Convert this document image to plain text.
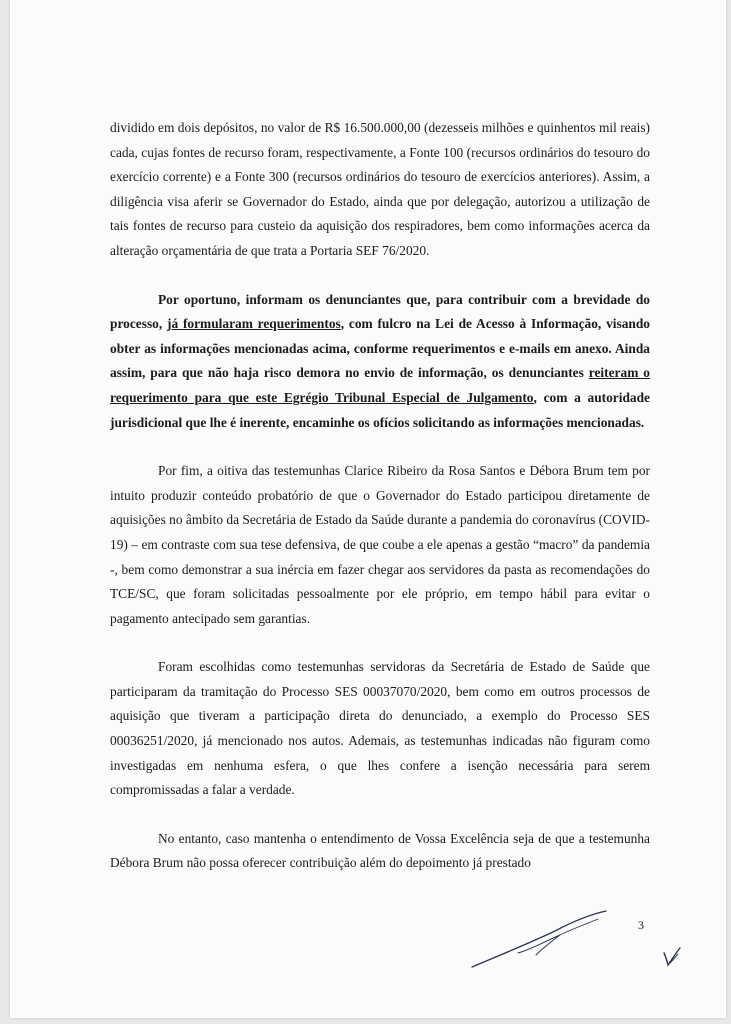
dividido em dois depósitos, no valor de R$ 16.500.000,00 (dezesseis milhões e quinhentos mil reais) cada, cujas fontes de recurso foram, respectivamente, a Fonte 100 (recursos ordinários do tesouro do exercício corrente) e a Fonte 300 (recursos ordinários do tesouro de exercícios anteriores). Assim, a diligência visa aferir se Governador do Estado, ainda que por delegação, autorizou a utilização de tais fontes de recurso para custeio da aquisição dos respiradores, bem como informações acerca da alteração orçamentária de que trata a Portaria SEF 76/2020.

Por oportuno, informam os denunciantes que, para contribuir com a brevidade do processo, já formularam requerimentos, com fulcro na Lei de Acesso à Informação, visando obter as informações mencionadas acima, conforme requerimentos e e-mails em anexo. Ainda assim, para que não haja risco demora no envio de informação, os denunciantes reiteram o requerimento para que este Egrégio Tribunal Especial de Julgamento, com a autoridade jurisdicional que lhe é inerente, encaminhe os ofícios solicitando as informações mencionadas.

Por fim, a oitiva das testemunhas Clarice Ribeiro da Rosa Santos e Débora Brum tem por intuito produzir conteúdo probatório de que o Governador do Estado participou diretamente de aquisições no âmbito da Secretária de Estado da Saúde durante a pandemia do coronavírus (COVID-19) – em contraste com sua tese defensiva, de que coube a ele apenas a gestão “macro” da pandemia -, bem como demonstrar a sua inércia em fazer chegar aos servidores da pasta as recomendações do TCE/SC, que foram solicitadas pessoalmente por ele próprio, em tempo hábil para evitar o pagamento antecipado sem garantias.

Foram escolhidas como testemunhas servidoras da Secretária de Estado de Saúde que participaram da tramitação do Processo SES 00037070/2020, bem como em outros processos de aquisição que tiveram a participação direta do denunciado, a exemplo do Processo SES 00036251/2020, já mencionado nos autos. Ademais, as testemunhas indicadas não figuram como investigadas em nenhuma esfera, o que lhes confere a isenção necessária para serem compromissadas a falar a verdade.

No entanto, caso mantenha o entendimento de Vossa Excelência seja de que a testemunha Débora Brum não possa oferecer contribuição além do depoimento já prestado

3
